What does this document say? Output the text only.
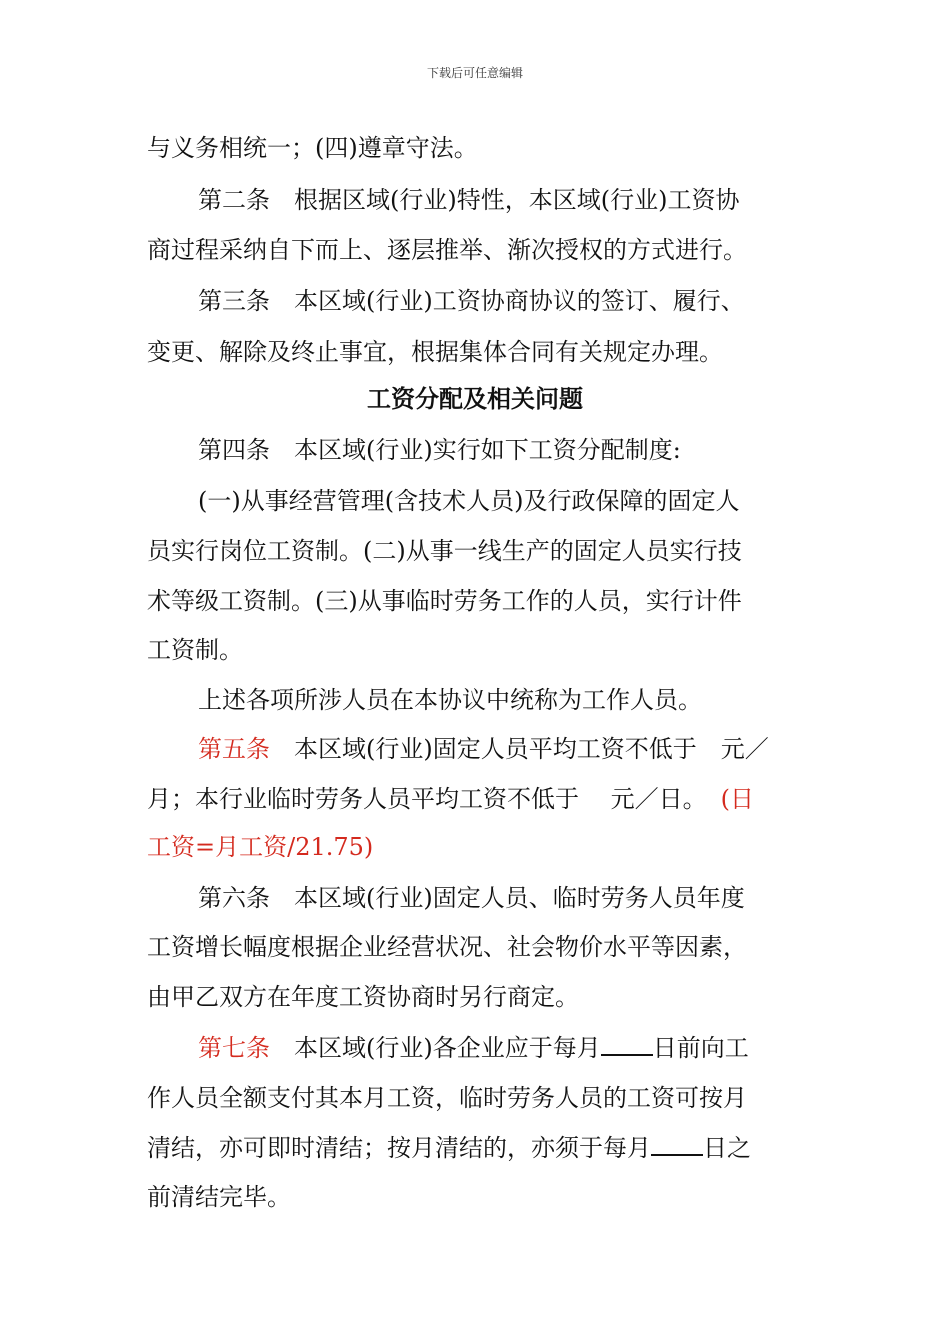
下载后可任意编辑
与义务相统一；(四)遵章守法。
第二条　根据区域(行业)特性，本区域(行业)工资协
商过程采纳自下而上、逐层推举、渐次授权的方式进行。
第三条　本区域(行业)工资协商协议的签订、履行、
变更、解除及终止事宜，根据集体合同有关规定办理。
工资分配及相关问题
第四条　本区域(行业)实行如下工资分配制度:
(一)从事经营管理(含技术人员)及行政保障的固定人
员实行岗位工资制。(二)从事一线生产的固定人员实行技
术等级工资制。(三)从事临时劳务工作的人员，实行计件
工资制。
上述各项所涉人员在本协议中统称为工作人员。
第五条　本区域(行业)固定人员平均工资不低于　元／
月；本行业临时劳务人员平均工资不低于　 元／日。 (日
工资=月工资/21.75)
第六条　本区域(行业)固定人员、临时劳务人员年度
工资增长幅度根据企业经营状况、社会物价水平等因素，
由甲乙双方在年度工资协商时另行商定。
第七条　本区域(行业)各企业应于每月 日前向工
作人员全额支付其本月工资，临时劳务人员的工资可按月
清结，亦可即时清结；按月清结的，亦须于每月 日之
前清结完毕。
